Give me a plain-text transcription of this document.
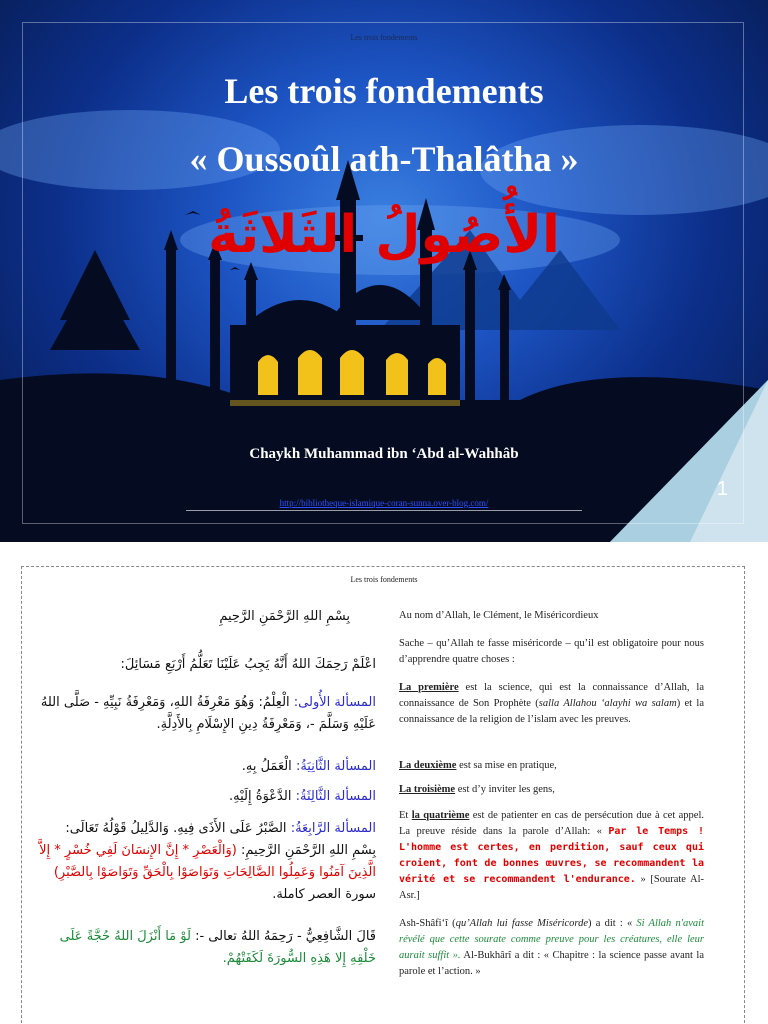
Les trois fondements
Les trois fondements
« Oussoûl ath-Thalâtha »
الأُصُولُ الثَلاثَةُ
Chaykh Muhammad ibn ‘Abd al-Wahhâb
http://bibliotheque-islamique-coran-sunna.over-blog.com/
1
Les trois fondements
بِسْمِ اللهِ الرَّحْمَنِ الرَّحِيمِ
اعْلَمْ رَحِمَكَ اللهُ أَنَّهُ يَجِبُ عَلَيْنَا تَعَلُّمُ أَرْبَعِ مَسَائِلَ:
المسألة الأُولى: الْعِلْمُ: وَهُوَ مَعْرِفَةُ اللهِ، وَمَعْرِفَةُ نَبِيِّهِ - صَلَّى اللهُ عَلَيْهِ وَسَلَّمَ -، وَمَعْرِفَةُ دِينِ الإِسْلَامِ بِالأَدِلَّةِ.
المسألة الثَّانِيَةُ: الْعَمَلُ بِهِ.
المسألة الثَّالِثَةُ: الدَّعْوَةُ إِلَيْهِ.
المسألة الرَّابِعَةُ: الصَّبْرُ عَلَى الأَذَى فِيهِ. وَالدَّلِيلُ قَوْلُهُ تَعَالَى: بِسْمِ اللهِ الرَّحْمَنِ الرَّحِيمِ: (وَالْعَصْرِ * إِنَّ الإِنسَانَ لَفِي خُسْرٍ * إِلاَّ الَّذِينَ آمَنُوا وَعَمِلُوا الصَّالِحَاتِ وَتَوَاصَوْا بِالْحَقِّ وَتَوَاصَوْا بِالصَّبْرِ) سورة العصر كاملة.
قَالَ الشَّافِعِيُّ - رَحِمَهُ اللهُ تعالى -: لَوْ مَا أَنْزَلَ اللهُ حُجَّةً عَلَى خَلْقِهِ إِلا هَذِهِ السُّورَةَ لَكَفَتْهُمْ.
Au nom d’Allah, le Clément, le Miséricordieux
Sache – qu’Allah te fasse miséricorde – qu’il est obligatoire pour nous d’apprendre quatre choses :
La première est la science, qui est la connaissance d’Allah, la connaissance de Son Prophète (salla Allahou ‘alayhi wa salam) et la connaissance de la religion de l’islam avec les preuves.
La deuxième est sa mise en pratique,
La troisième est d’y inviter les gens,
Et la quatrième est de patienter en cas de persécution due à cet appel. La preuve réside dans la parole d’Allah: « Par le Temps ! L'homme est certes, en perdition, sauf ceux qui croient, font de bonnes œuvres, se recommandent la vérité et se recommandent l'endurance. » [Sourate Al-Asr.]
Ash-Shâfi‘î (qu’Allah lui fasse Miséricorde) a dit : « Si Allah n'avait révélé que cette sourate comme preuve pour les créatures, elle leur aurait suffit ». Al-Bukhârî a dit : « Chapitre : la science passe avant la parole et l’action. »
